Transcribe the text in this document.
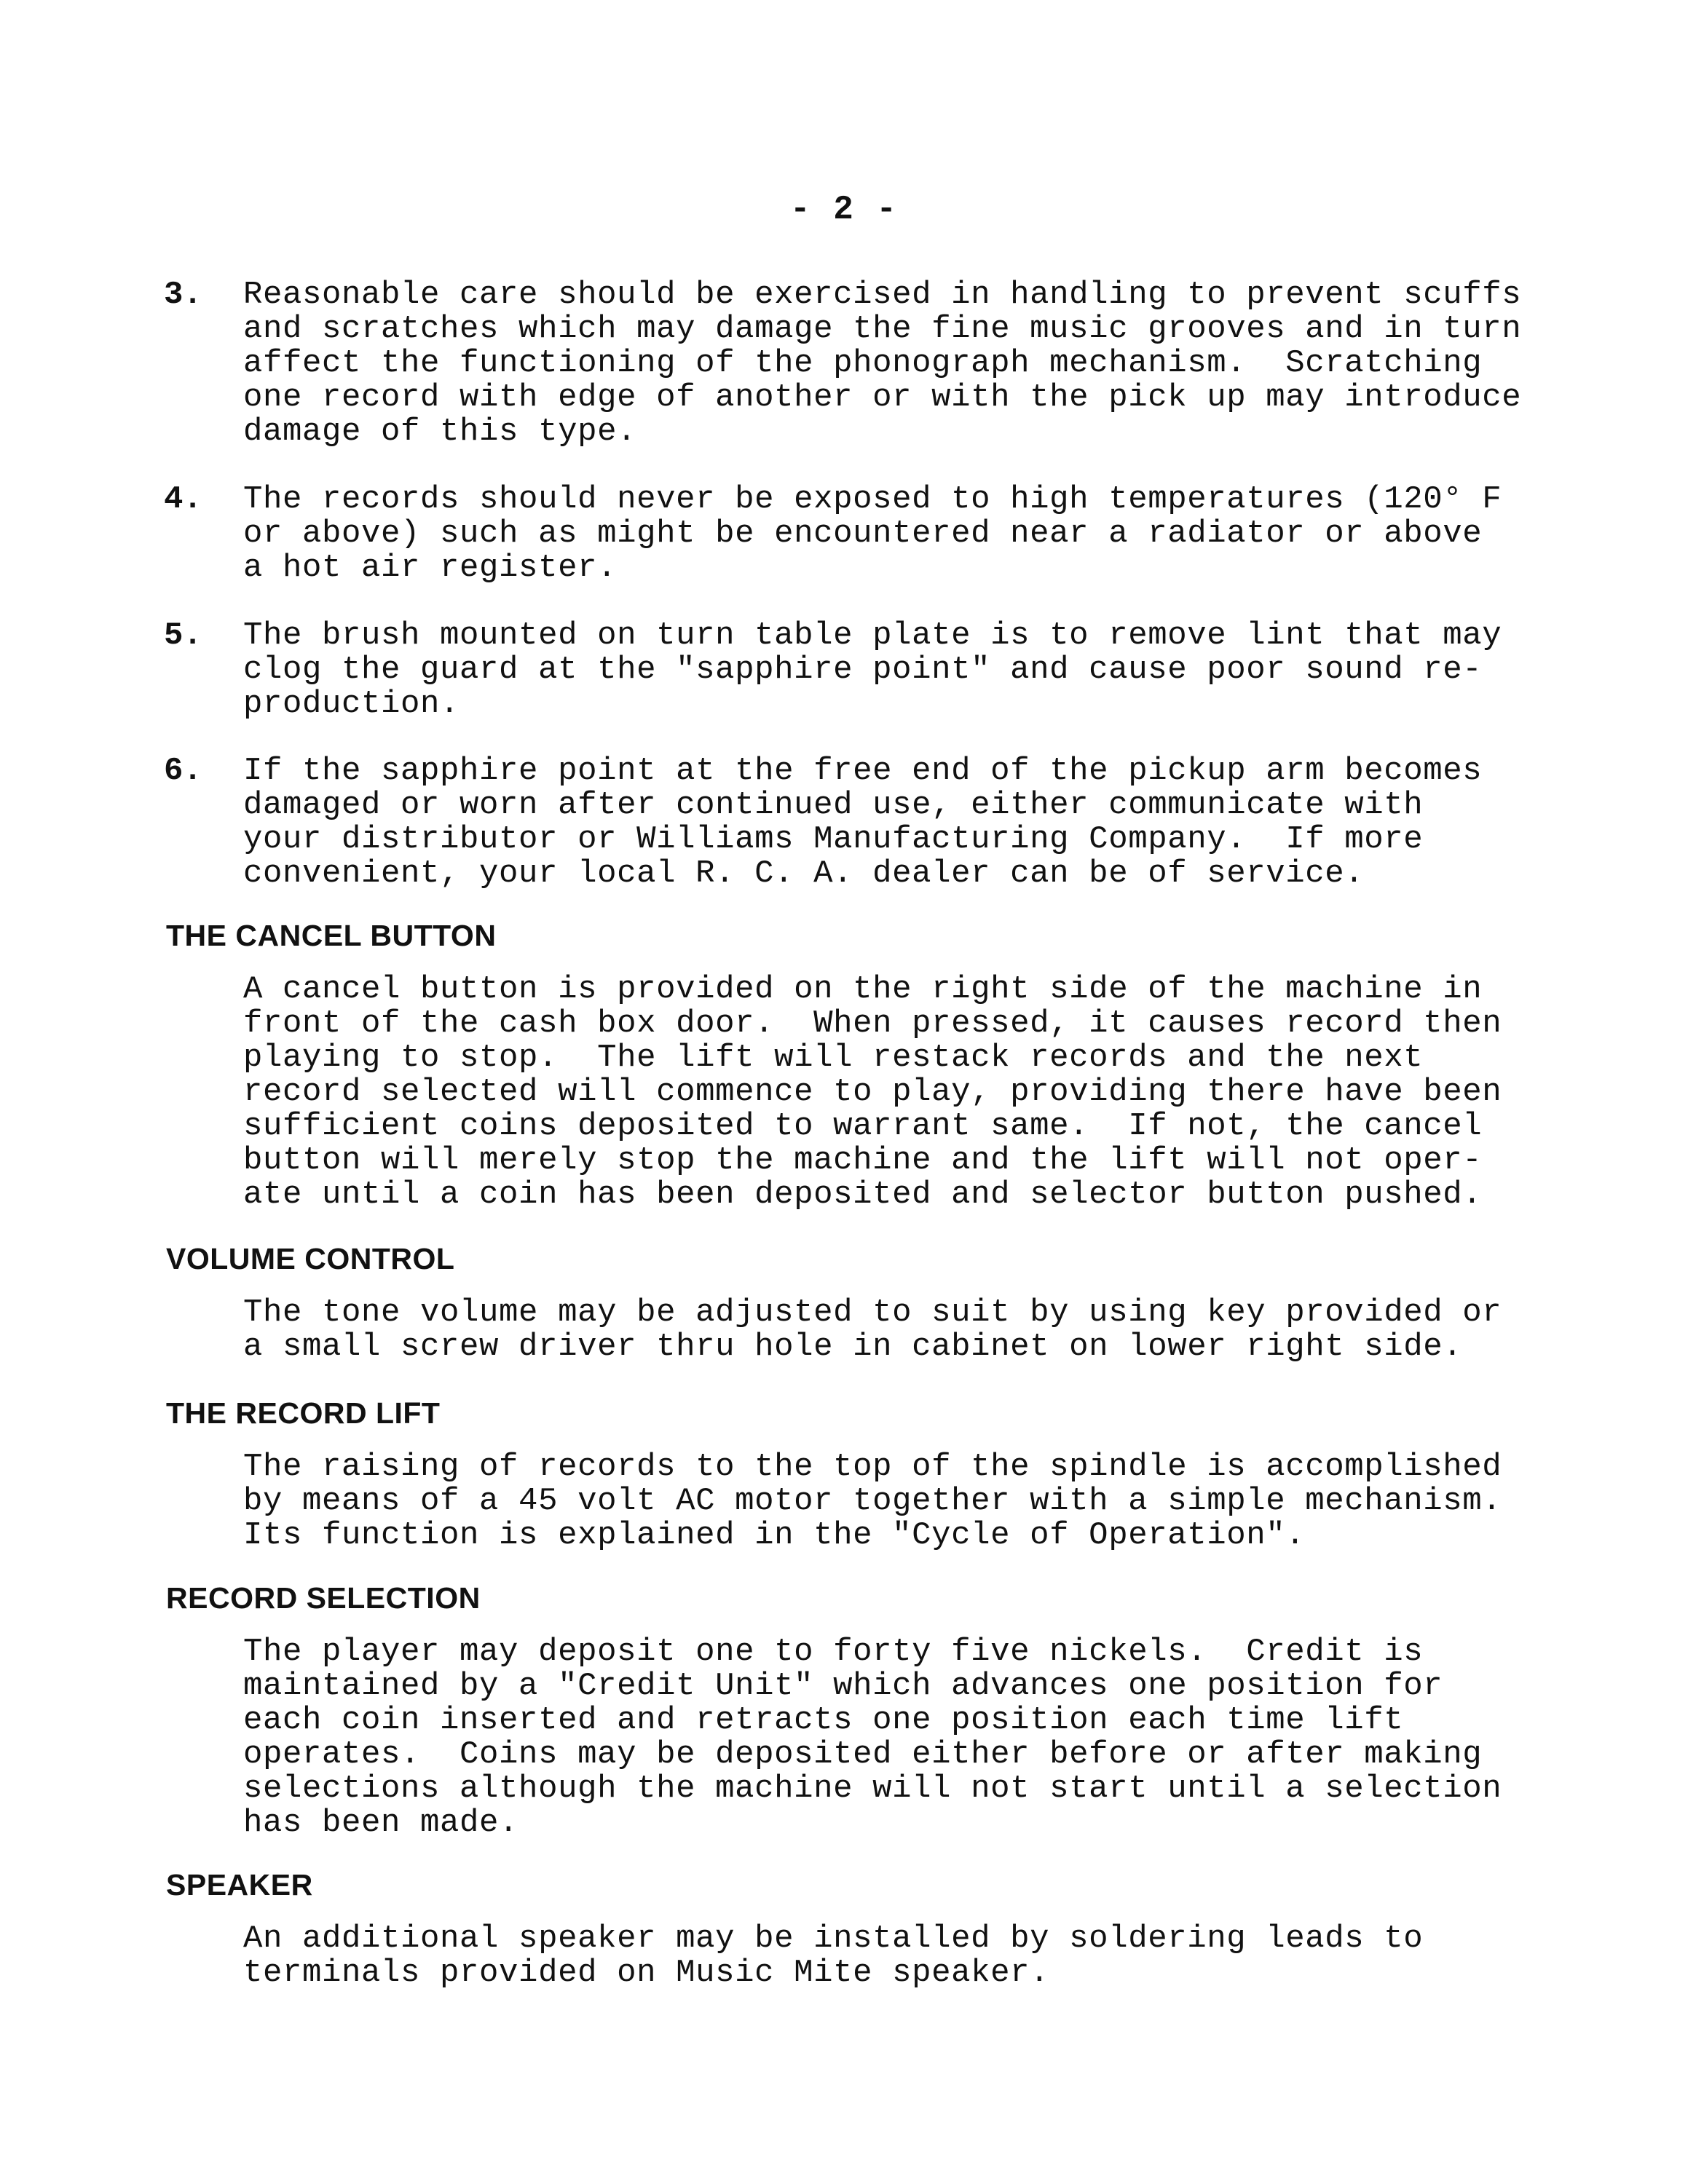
- 2 -
3. Reasonable care should be exercised in handling to prevent scuffs

and scratches which may damage the fine music grooves and in turn

affect the functioning of the phonograph mechanism.  Scratching

one record with edge of another or with the pick up may introduce

damage of this type.

4. The records should never be exposed to high temperatures (120° F

or above) such as might be encountered near a radiator or above

a hot air register.

5. The brush mounted on turn table plate is to remove lint that may

clog the guard at the "sapphire point" and cause poor sound re-

production.

6. If the sapphire point at the free end of the pickup arm becomes

damaged or worn after continued use, either communicate with

your distributor or Williams Manufacturing Company.  If more

convenient, your local R. C. A. dealer can be of service.

THE CANCEL BUTTON

A cancel button is provided on the right side of the machine in

front of the cash box door.  When pressed, it causes record then

playing to stop.  The lift will restack records and the next

record selected will commence to play, providing there have been

sufficient coins deposited to warrant same.  If not, the cancel

button will merely stop the machine and the lift will not oper-

ate until a coin has been deposited and selector button pushed.

VOLUME CONTROL

The tone volume may be adjusted to suit by using key provided or

a small screw driver thru hole in cabinet on lower right side.

THE RECORD LIFT

The raising of records to the top of the spindle is accomplished

by means of a 45 volt AC motor together with a simple mechanism.

Its function is explained in the "Cycle of Operation".

RECORD SELECTION

The player may deposit one to forty five nickels.  Credit is

maintained by a "Credit Unit" which advances one position for

each coin inserted and retracts one position each time lift

operates.  Coins may be deposited either before or after making

selections although the machine will not start until a selection

has been made.

SPEAKER

An additional speaker may be installed by soldering leads to

terminals provided on Music Mite speaker.
